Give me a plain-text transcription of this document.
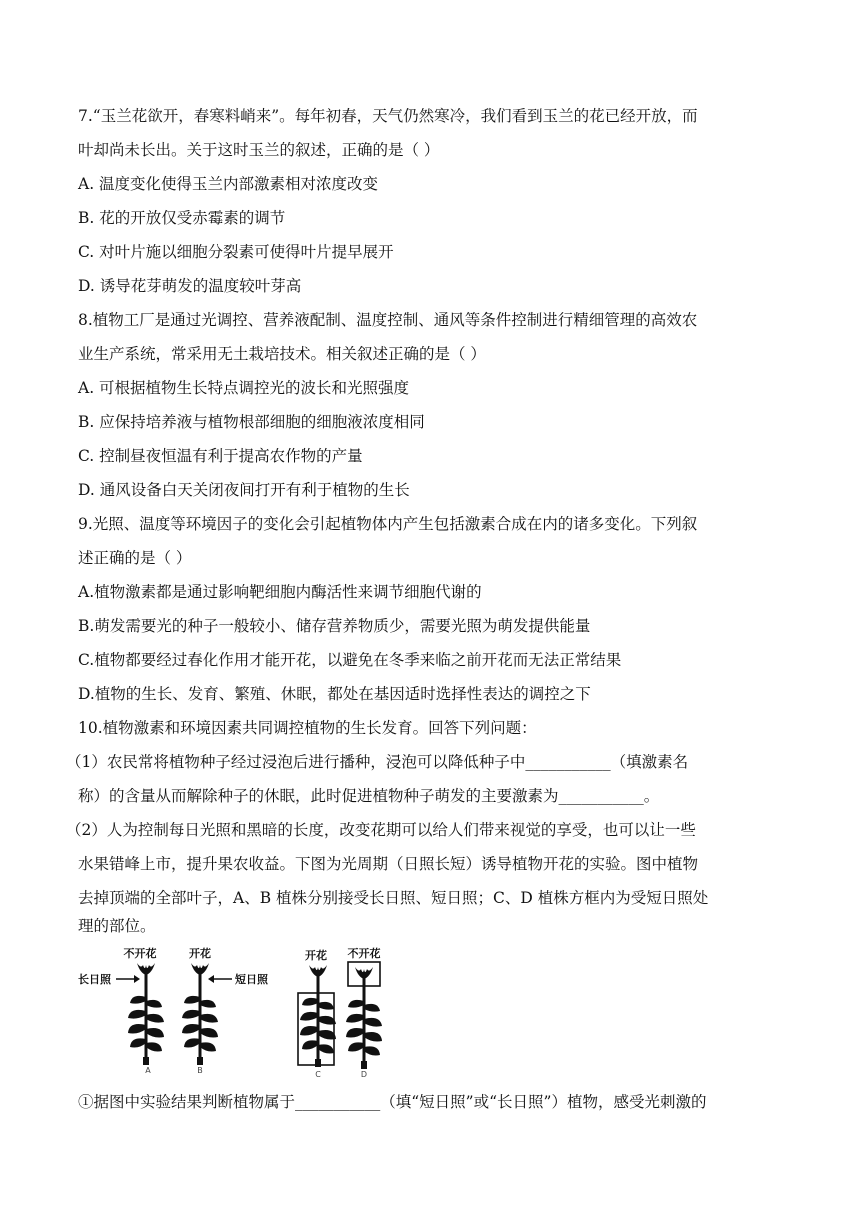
7.“玉兰花欲开，春寒料峭来”。每年初春，天气仍然寒冷，我们看到玉兰的花已经开放，而
叶却尚未长出。关于这时玉兰的叙述，正确的是（ ）
A. 温度变化使得玉兰内部激素相对浓度改变
B. 花的开放仅受赤霉素的调节
C. 对叶片施以细胞分裂素可使得叶片提早展开
D. 诱导花芽萌发的温度较叶芽高
8.植物工厂是通过光调控、营养液配制、温度控制、通风等条件控制进行精细管理的高效农
业生产系统，常采用无土栽培技术。相关叙述正确的是（ ）
A. 可根据植物生长特点调控光的波长和光照强度
B. 应保持培养液与植物根部细胞的细胞液浓度相同
C. 控制昼夜恒温有利于提高农作物的产量
D. 通风设备白天关闭夜间打开有利于植物的生长
9.光照、温度等环境因子的变化会引起植物体内产生包括激素合成在内的诸多变化。下列叙
述正确的是（ ）
A.植物激素都是通过影响靶细胞内酶活性来调节细胞代谢的
B.萌发需要光的种子一般较小、储存营养物质少，需要光照为萌发提供能量
C.植物都要经过春化作用才能开花，以避免在冬季来临之前开花而无法正常结果
D.植物的生长、发育、繁殖、休眠，都处在基因适时选择性表达的调控之下
10.植物激素和环境因素共同调控植物的生长发育。回答下列问题：
（1）农民常将植物种子经过浸泡后进行播种，浸泡可以降低种子中___________（填激素名
称）的含量从而解除种子的休眠，此时促进植物种子萌发的主要激素为___________。
（2）人为控制每日光照和黑暗的长度，改变花期可以给人们带来视觉的享受，也可以让一些
水果错峰上市，提升果农收益。下图为光周期（日照长短）诱导植物开花的实验。图中植物
去掉顶端的全部叶子，A、B 植株分别接受长日照、短日照；C、D 植株方框内为受短日照处
理的部位。
不开花
长日照
A
开花
短日照
B
开花
C
不开花
D
①据图中实验结果判断植物属于___________（填“短日照”或“长日照”）植物，感受光刺激的
